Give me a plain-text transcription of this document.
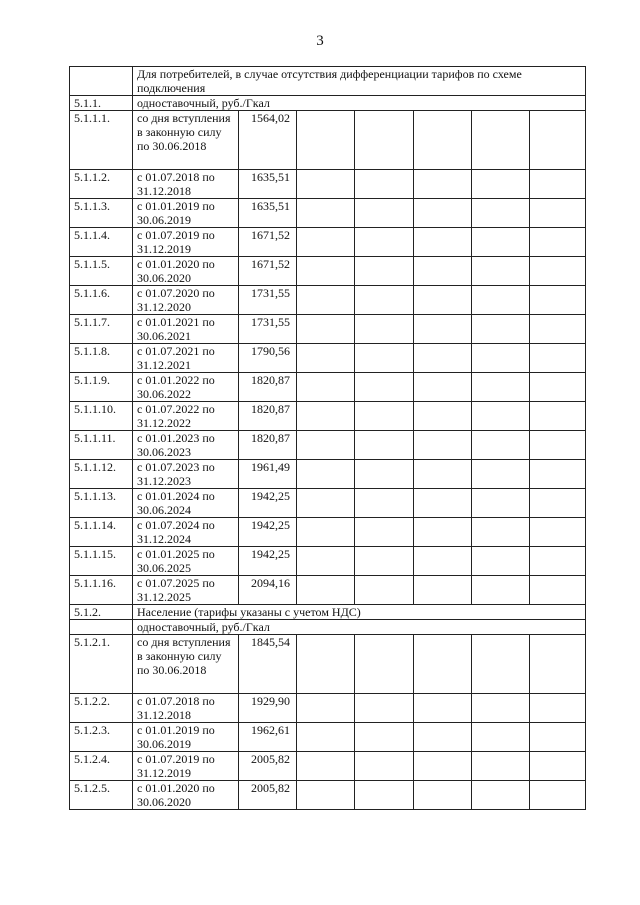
3
	Для потребителей, в случае отсутствия дифференциации тарифов по схеме подключения						
5.1.1.	одноставочный, руб./Гкал						
5.1.1.1.	со дня вступления в законную силу по 30.06.2018	1564,02					
5.1.1.2.	с 01.07.2018 по 31.12.2018	1635,51					
5.1.1.3.	с 01.01.2019 по 30.06.2019	1635,51					
5.1.1.4.	с 01.07.2019 по 31.12.2019	1671,52					
5.1.1.5.	с 01.01.2020 по 30.06.2020	1671,52					
5.1.1.6.	с 01.07.2020 по 31.12.2020	1731,55					
5.1.1.7.	с 01.01.2021 по 30.06.2021	1731,55					
5.1.1.8.	с 01.07.2021 по 31.12.2021	1790,56					
5.1.1.9.	с 01.01.2022 по 30.06.2022	1820,87					
5.1.1.10.	с 01.07.2022 по 31.12.2022	1820,87					
5.1.1.11.	с 01.01.2023 по 30.06.2023	1820,87					
5.1.1.12.	с 01.07.2023 по 31.12.2023	1961,49					
5.1.1.13.	с 01.01.2024 по 30.06.2024	1942,25					
5.1.1.14.	с 01.07.2024 по 31.12.2024	1942,25					
5.1.1.15.	с 01.01.2025 по 30.06.2025	1942,25					
5.1.1.16.	с 01.07.2025 по 31.12.2025	2094,16					
5.1.2.	Население (тарифы указаны с учетом НДС)						
	одноставочный, руб./Гкал						
5.1.2.1.	со дня вступления в законную силу по 30.06.2018	1845,54					
5.1.2.2.	с 01.07.2018 по 31.12.2018	1929,90					
5.1.2.3.	с 01.01.2019 по 30.06.2019	1962,61					
5.1.2.4.	с 01.07.2019 по 31.12.2019	2005,82					
5.1.2.5.	с 01.01.2020 по 30.06.2020	2005,82					
